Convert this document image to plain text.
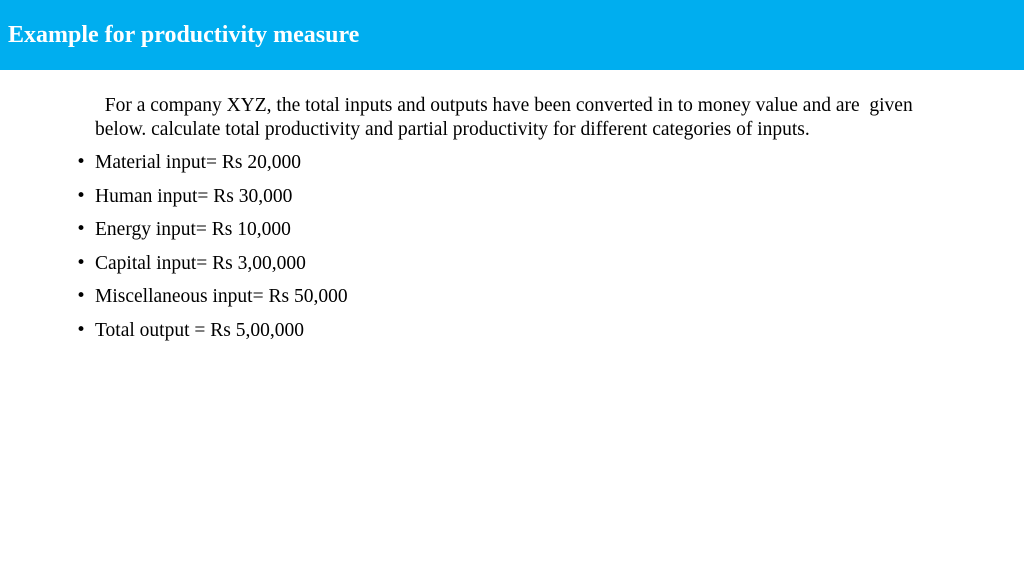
Example for productivity measure

For a company XYZ, the total inputs and outputs have been converted in to money value and are  given below. calculate total productivity and partial productivity for different categories of inputs.

• Material input= Rs 20,000
• Human input= Rs 30,000
• Energy input= Rs 10,000
• Capital input= Rs 3,00,000
• Miscellaneous input= Rs 50,000
• Total output = Rs 5,00,000
